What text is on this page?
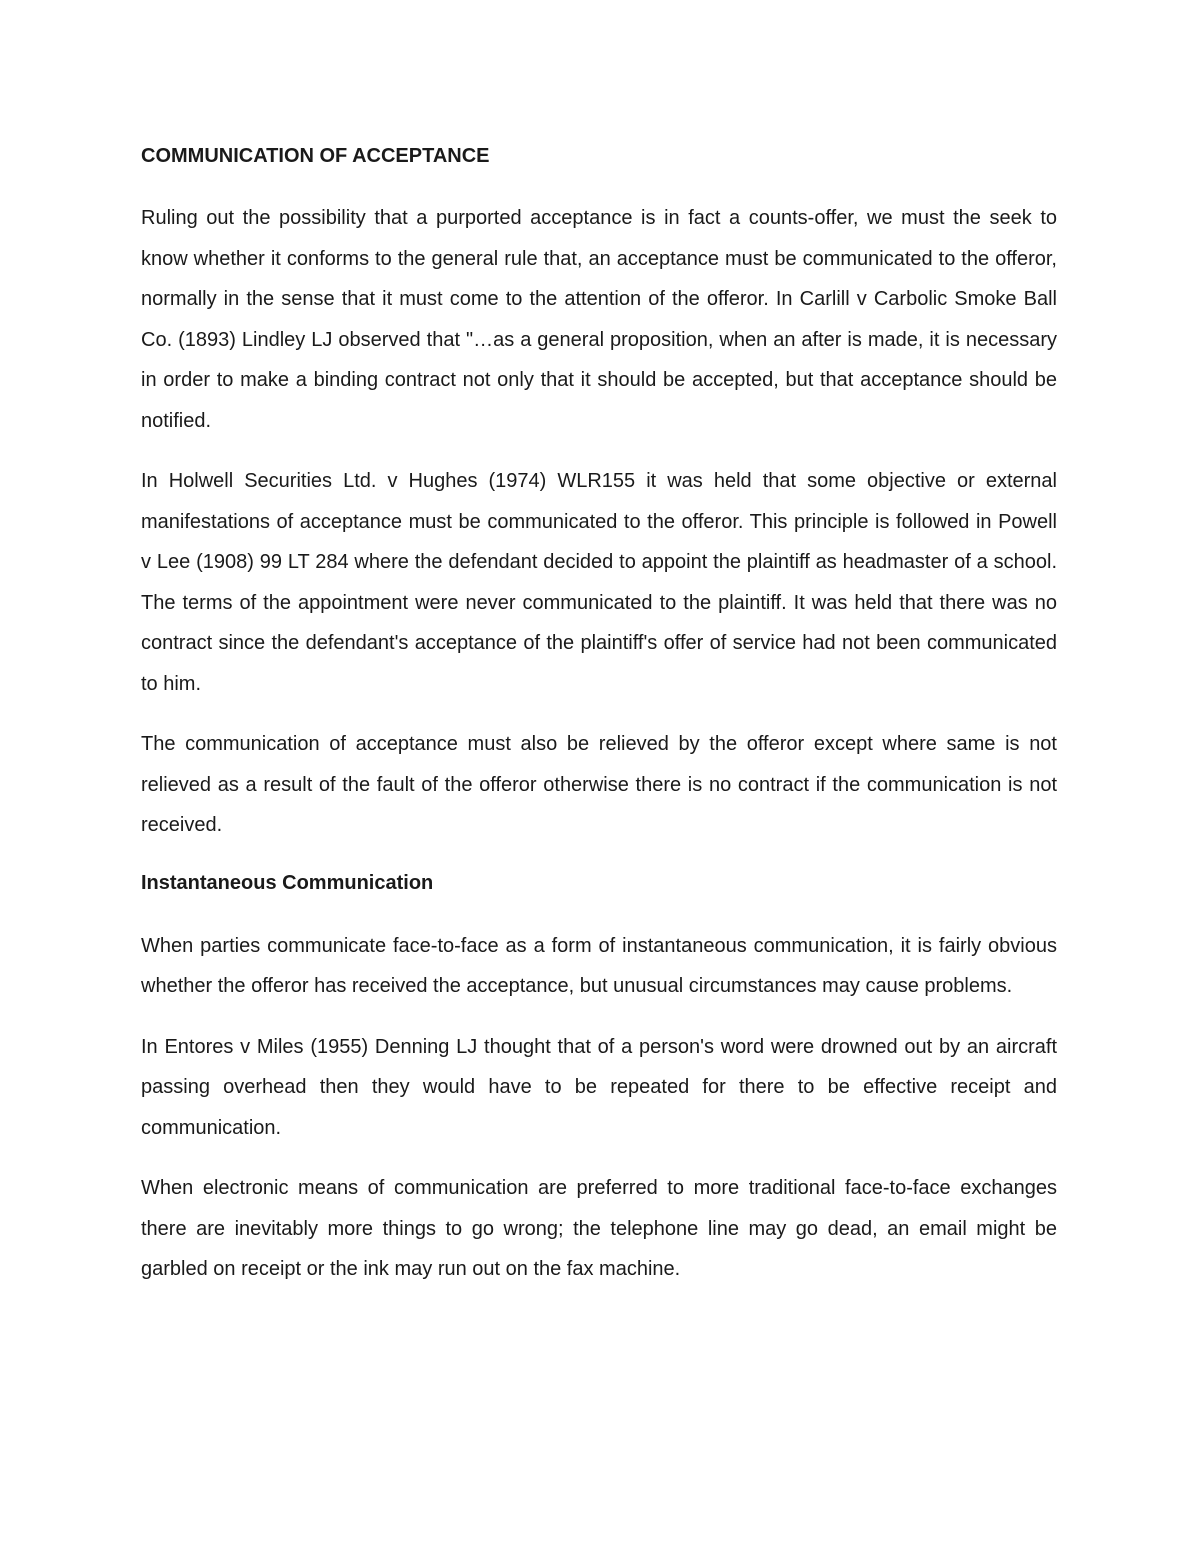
COMMUNICATION OF ACCEPTANCE

Ruling out the possibility that a purported acceptance is in fact a counts-offer, we must the seek to know whether it conforms to the general rule that, an acceptance must be communicated to the offeror, normally in the sense that it must come to the attention of the offeror. In Carlill v Carbolic Smoke Ball Co. (1893) Lindley LJ observed that "…as a general proposition, when an after is made, it is necessary in order to make a binding contract not only that it should be accepted, but that acceptance should be notified.

In Holwell Securities Ltd. v Hughes (1974) WLR155 it was held that some objective or external manifestations of acceptance must be communicated to the offeror. This principle is followed in Powell v Lee (1908) 99 LT 284 where the defendant decided to appoint the plaintiff as headmaster of a school. The terms of the appointment were never communicated to the plaintiff. It was held that there was no contract since the defendant's acceptance of the plaintiff's offer of service had not been communicated to him.

The communication of acceptance must also be relieved by the offeror except where same is not relieved as a result of the fault of the offeror otherwise there is no contract if the communication is not received.

Instantaneous Communication

When parties communicate face-to-face as a form of instantaneous communication, it is fairly obvious whether the offeror has received the acceptance, but unusual circumstances may cause problems.

In Entores v Miles (1955) Denning LJ thought that of a person's word were drowned out by an aircraft passing overhead then they would have to be repeated for there to be effective receipt and communication.

When electronic means of communication are preferred to more traditional face-to-face exchanges there are inevitably more things to go wrong; the telephone line may go dead, an email might be garbled on receipt or the ink may run out on the fax machine.
